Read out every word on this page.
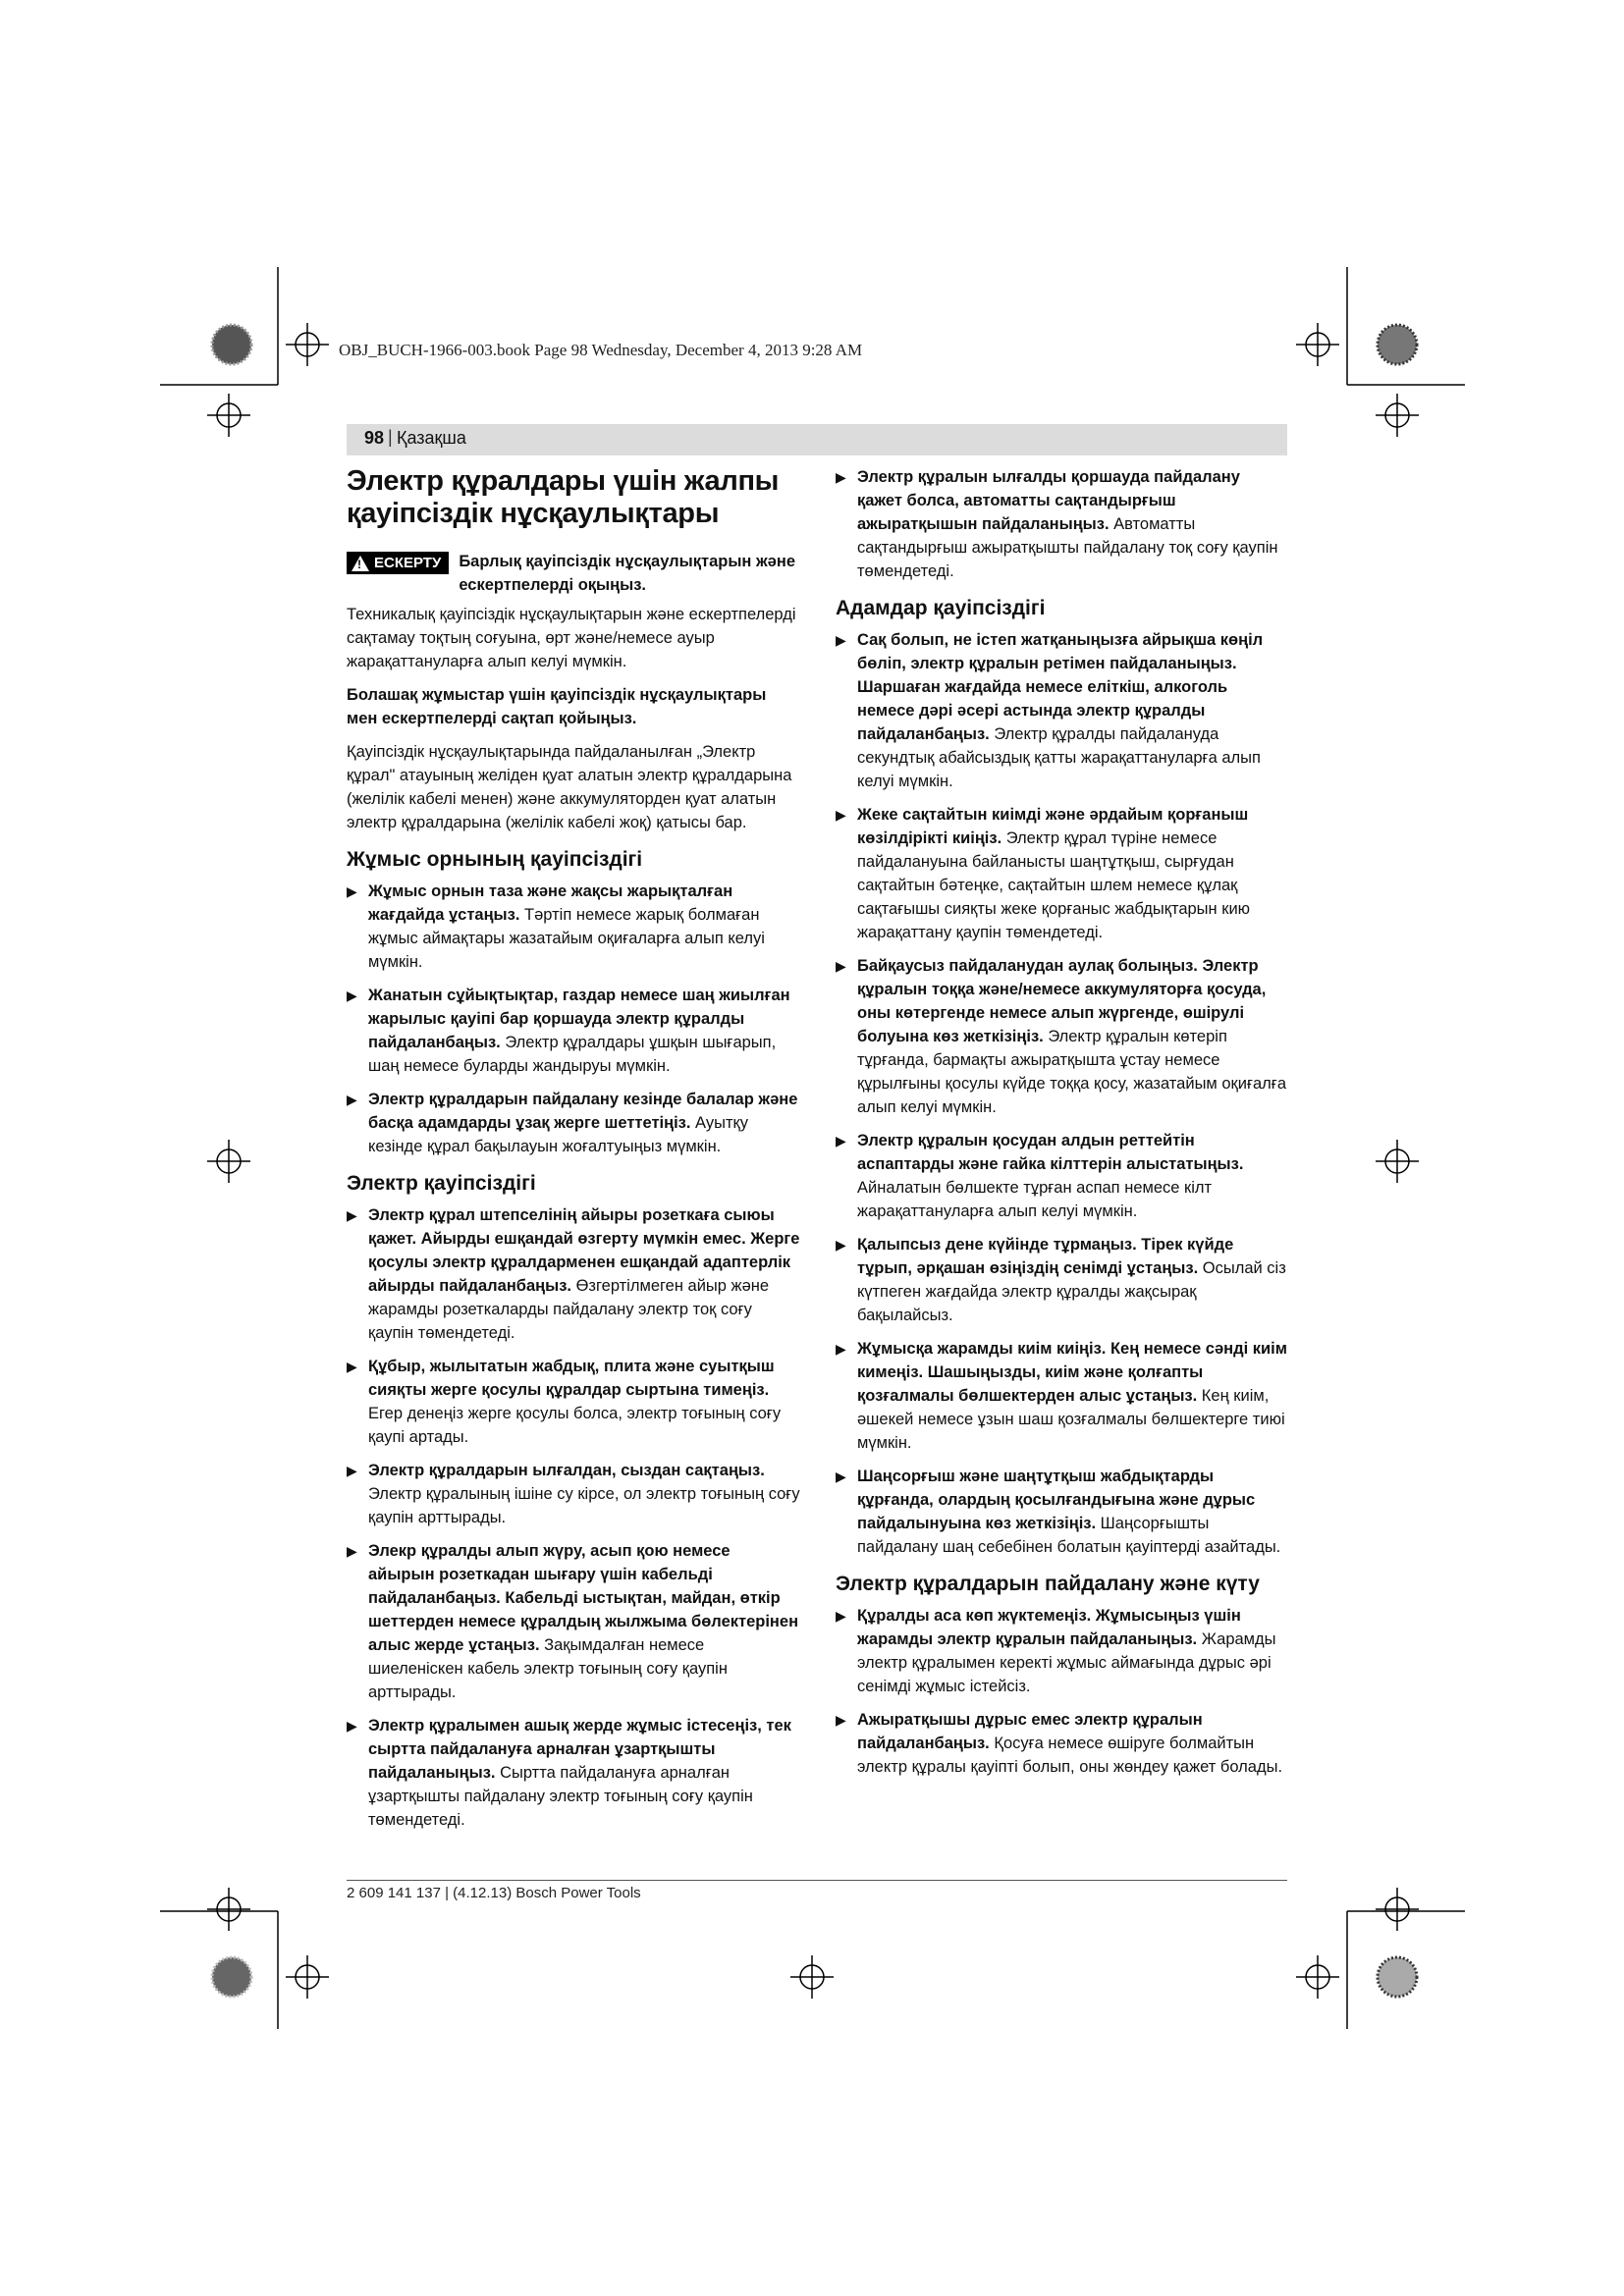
OBJ_BUCH-1966-003.book Page 98 Wednesday, December 4, 2013 9:28 AM
98 | Қазақша
Электр құралдары үшін жалпы қауіпсіздік нұсқаулықтары
!
ЕСКЕРТУ Барлық қауіпсіздік нұсқаулықтарын және ескертпелерді оқыңыз.

Техникалық қауіпсіздік нұсқаулықтарын және ескертпелерді сақтамау тоқтың соғуына, өрт және/немесе ауыр жарақаттануларға алып келуі мүмкін.

Болашақ жұмыстар үшін қауіпсіздік нұсқаулықтары мен ескертпелерді сақтап қойыңыз.

Қауіпсіздік нұсқаулықтарында пайдаланылған „Электр құрал" атауының желіден қуат алатын электр құралдарына (желілік кабелі менен) және аккумуляторден қуат алатын электр құралдарына (желілік кабелі жоқ) қатысы бар.

Жұмыс орнының қауіпсіздігі
▶ Жұмыс орнын таза және жақсы жарықталған жағдайда ұстаңыз. Тәртіп немесе жарық болмаған жұмыс аймақтары жазатайым оқиғаларға алып келуі мүмкін.
▶ Жанатын сұйықтықтар, газдар немесе шаң жиылған жарылыс қауіпі бар қоршауда электр құралды пайдаланбаңыз. Электр құралдары ұшқын шығарып, шаң немесе буларды жандыруы мүмкін.
▶ Электр құралдарын пайдалану кезінде балалар және басқа адамдарды ұзақ жерге шеттетіңіз. Ауытқу кезінде құрал бақылауын жоғалтуыңыз мүмкін.
Электр қауіпсіздігі
▶ Электр құрал штепселінің айыры розеткаға сыюы қажет. Айырды ешқандай өзгерту мүмкін емес. Жерге қосулы электр құралдарменен ешқандай адаптерлік айырды пайдаланбаңыз. Өзгертілмеген айыр және жарамды розеткаларды пайдалану электр тоқ соғу қаупін төмендетеді.
▶ Құбыр, жылытатын жабдық, плита және суытқыш сияқты жерге қосулы құралдар сыртына тимеңіз. Егер денеңіз жерге қосулы болса, электр тоғының соғу қаупі артады.
▶ Электр құралдарын ылғалдан, сыздан сақтаңыз. Электр құралының ішіне су кірсе, ол электр тоғының соғу қаупін арттырады.
▶ Элекр құралды алып жүру, асып қою немесе айырын розеткадан шығару үшін кабельді пайдаланбаңыз. Кабельді ыстықтан, майдан, өткір шеттерден немесе құралдың жылжыма бөлектерінен алыс жерде ұстаңыз. Зақымдалған немесе шиеленіскен кабель электр тоғының соғу қаупін арттырады.
▶ Электр құралымен ашық жерде жұмыс істесеңіз, тек сыртта пайдалануға арналған ұзартқышты пайдаланыңыз. Сыртта пайдалануға арналған ұзартқышты пайдалану электр тоғының соғу қаупін төмендетеді.
▶ Электр құралын ылғалды қоршауда пайдалану қажет болса, автоматты сақтандырғыш ажыратқышын пайдаланыңыз. Автоматты сақтандырғыш ажыратқышты пайдалану тоқ соғу қаупін төмендетеді.
Адамдар қауіпсіздігі
▶ Сақ болып, не істеп жатқаныңызға айрықша көңіл бөліп, электр құралын ретімен пайдаланыңыз. Шаршаған жағдайда немесе еліткіш, алкоголь немесе дәрі әсері астында электр құралды пайдаланбаңыз. Электр құралды пайдалануда секундтық абайсыздық қатты жарақаттануларға алып келуі мүмкін.
▶ Жеке сақтайтын киімді және әрдайым қорғаныш көзілдірікті киіңіз. Электр құрал түріне немесе пайдалануына байланысты шаңтұтқыш, сырғудан сақтайтын бәтеңке, сақтайтын шлем немесе құлақ сақтағышы сияқты жеке қорғаныс жабдықтарын кию жарақаттану қаупін төмендетеді.
▶ Байқаусыз пайдаланудан аулақ болыңыз. Электр құралын тоққа және/немесе аккумуляторға қосуда, оны көтергенде немесе алып жүргенде, өшірулі болуына көз жеткізіңіз. Электр құралын көтеріп тұрғанда, бармақты ажыратқышта ұстау немесе құрылғыны қосулы күйде тоққа қосу, жазатайым оқиғалға алып келуі мүмкін.
▶ Электр құралын қосудан алдын реттейтін аспаптарды және гайка кілттерін алыстатыңыз. Айналатын бөлшекте тұрған аспап немесе кілт жарақаттануларға алып келуі мүмкін.
▶ Қалыпсыз дене күйінде тұрмаңыз. Тірек күйде тұрып, әрқашан өзіңіздің сенімді ұстаңыз. Осылай сіз күтпеген жағдайда электр құралды жақсырақ бақылайсыз.
▶ Жұмысқа жарамды киім киіңіз. Кең немесе сәнді киім кимеңіз. Шашыңызды, киім және қолғапты қозғалмалы бөлшектерден алыс ұстаңыз. Кең киім, әшекей немесе ұзын шаш қозғалмалы бөлшектерге тиюі мүмкін.
▶ Шаңсорғыш және шаңтұтқыш жабдықтарды құрғанда, олардың қосылғандығына және дұрыс пайдалынуына көз жеткізіңіз. Шаңсорғышты пайдалану шаң себебінен болатын қауіптерді азайтады.
Электр құралдарын пайдалану және күту
▶ Құралды аса көп жүктемеңіз. Жұмысыңыз үшін жарамды электр құралын пайдаланыңыз. Жарамды электр құралымен керекті жұмыс аймағында дұрыс әрі сенімді жұмыс істейсіз.
▶ Ажыратқышы дұрыс емес электр құралын пайдаланбаңыз. Қосуға немесе өшіруге болмайтын электр құралы қауіпті болып, оны жөндеу қажет болады.
2 609 141 137 | (4.12.13) Bosch Power Tools
